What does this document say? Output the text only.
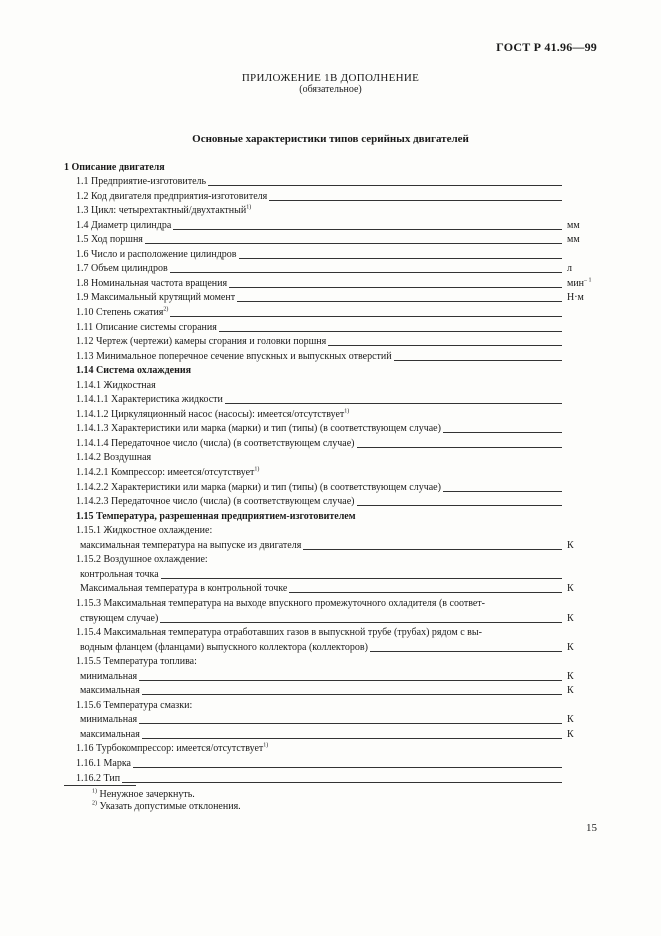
ГОСТ Р 41.96—99
ПРИЛОЖЕНИЕ 1В ДОПОЛНЕНИЕ
(обязательное)
Основные характеристики типов серийных двигателей
1 Описание двигателя
1.1 Предприятие-изготовитель
1.2 Код двигателя предприятия-изготовителя
1.3 Цикл: четырехтактный/двухтактный$^{1)}$
1.4 Диаметр цилиндра	мм
1.5 Ход поршня	мм
1.6 Число и расположение цилиндров
1.7 Объем цилиндров	л
1.8 Номинальная частота вращения	мин$^{- 1}$
1.9 Максимальный крутящий момент	Н·м
1.10 Степень сжатия$^{2)}$
1.11 Описание системы сгорания
1.12 Чертеж (чертежи) камеры сгорания и головки поршня
1.13 Минимальное поперечное сечение впускных и выпускных отверстий
1.14 Система охлаждения
1.14.1 Жидкостная
1.14.1.1 Характеристика жидкости
1.14.1.2 Циркуляционный насос (насосы): имеется/отсутствует$^{1)}$
1.14.1.3 Характеристики или марка (марки) и тип (типы) (в соответствующем случае)
1.14.1.4 Передаточное число (числа) (в соответствующем случае)
1.14.2 Воздушная
1.14.2.1 Компрессор: имеется/отсутствует$^{1)}$
1.14.2.2 Характеристики или марка (марки) и тип (типы) (в соответствующем случае)
1.14.2.3 Передаточное число (числа) (в соответствующем случае)
1.15 Температура, разрешенная предприятием-изготовителем
1.15.1 Жидкостное охлаждение:
максимальная температура на выпуске из двигателя	К
1.15.2 Воздушное охлаждение:
контрольная точка
Максимальная температура в контрольной точке	К
1.15.3 Максимальная температура на выходе впускного промежуточного охладителя (в соответ-
ствующем случае)	К
1.15.4 Максимальная температура отработавших газов в выпускной трубе (трубах) рядом с вы-
водным фланцем (фланцами) выпускного коллектора (коллекторов)	К
1.15.5 Температура топлива:
минимальная	К
максимальная	К
1.15.6 Температура смазки:
минимальная	К
максимальная	К
1.16 Турбокомпрессор: имеется/отсутствует$^{1)}$
1.16.1 Марка
1.16.2 Тип
$^{1)}$ Ненужное зачеркнуть.
$^{2)}$ Указать допустимые отклонения.
15
